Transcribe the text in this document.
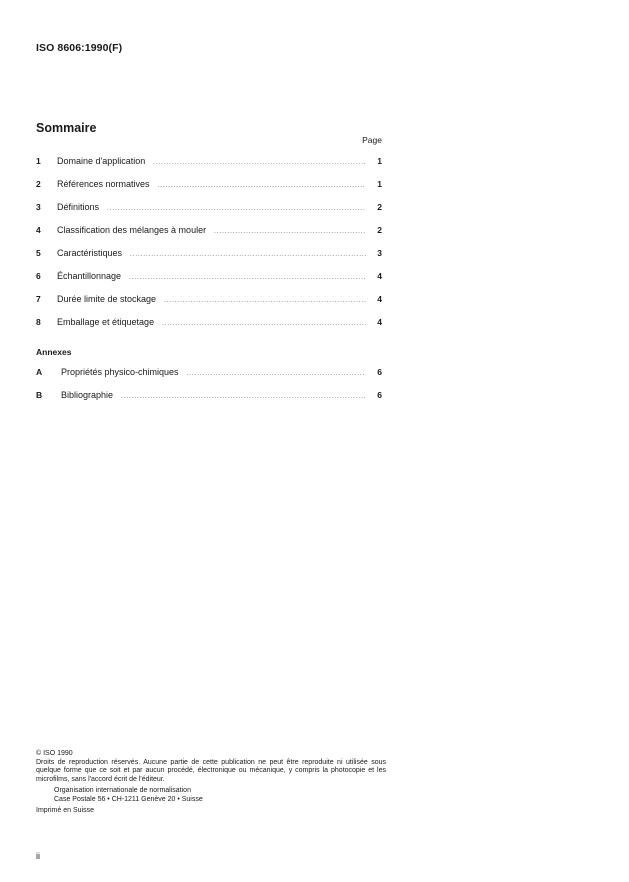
ISO 8606:1990(F)
Sommaire
Page
1	Domaine d'application .....	1
2	Références normatives .....	1
3	Définitions .....	2
4	Classification des mélanges à mouler .....	2
5	Caractéristiques .....	3
6	Échantillonnage .....	4
7	Durée limite de stockage .....	4
8	Emballage et étiquetage .....	4
A	Propriétés physico-chimiques .....	6
B	Bibliographie .....	6
Annexes
© ISO 1990
Droits de reproduction réservés. Aucune partie de cette publication ne peut être reproduite ni utilisée sous quelque forme que ce soit et par aucun procédé, électronique ou mécanique, y compris la photocopie et les microfilms, sans l'accord écrit de l'éditeur.
Organisation internationale de normalisation
Case Postale 56 • CH-1211 Genève 20 • Suisse
Imprimé en Suisse
ii
